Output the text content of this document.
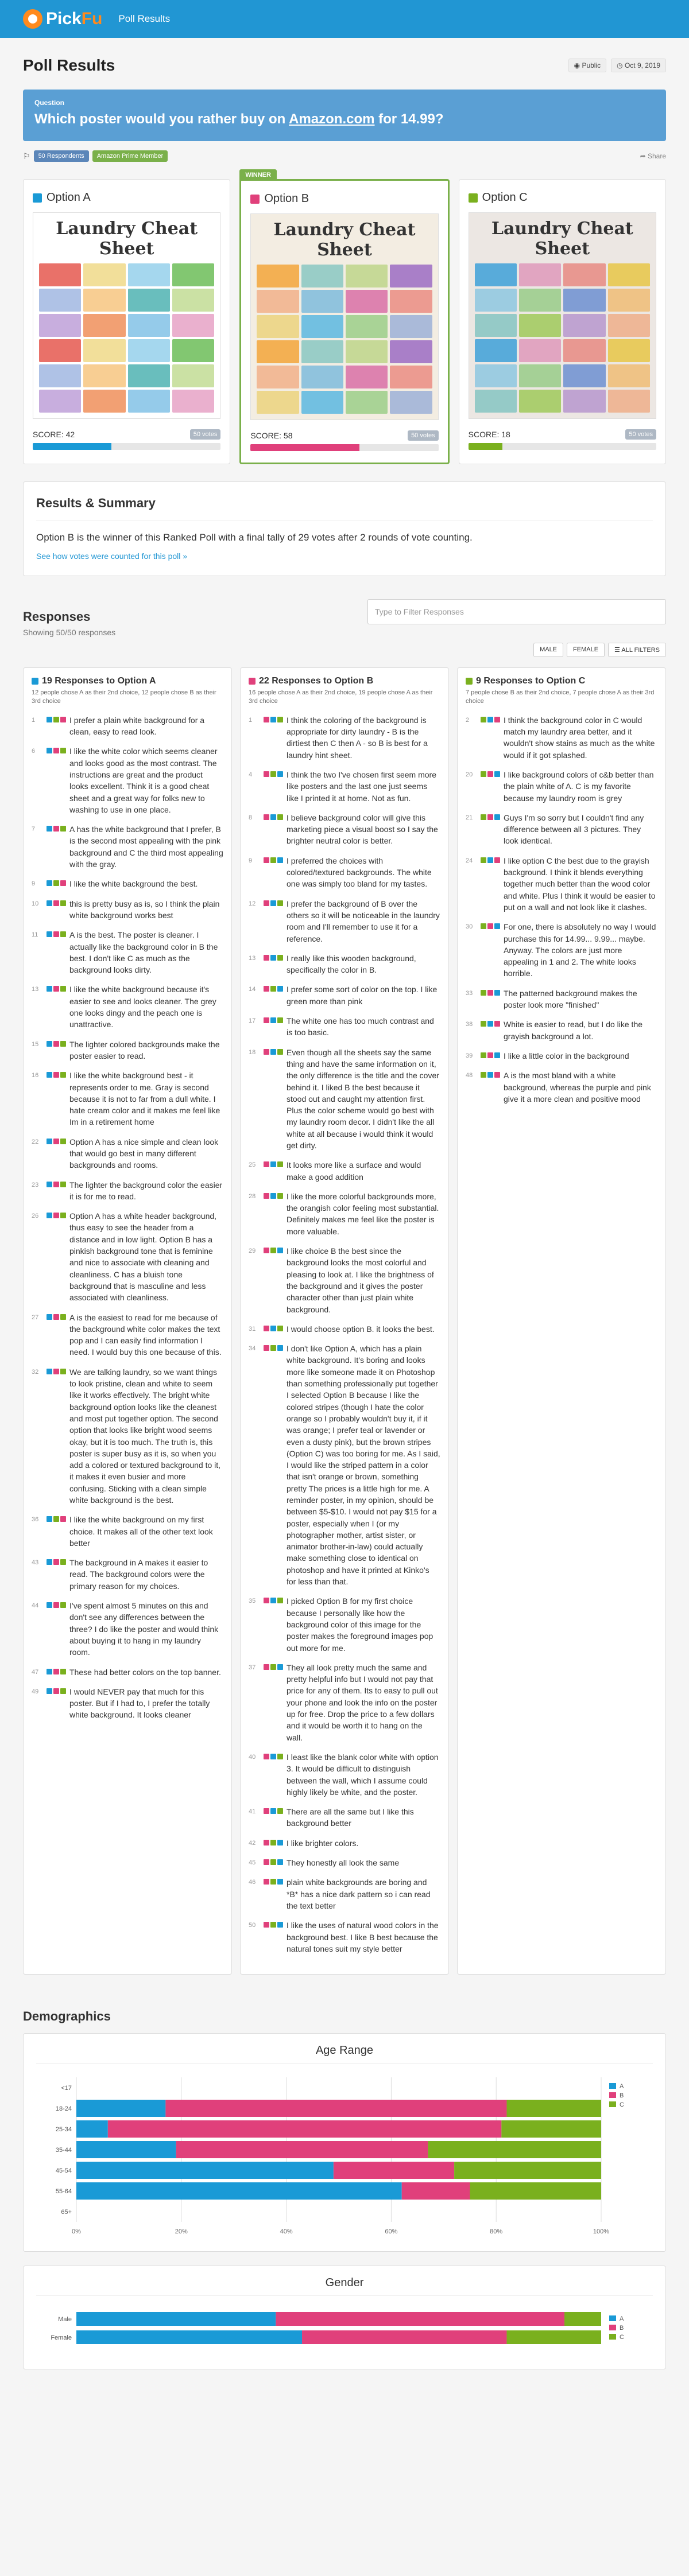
Pick Fu Poll Results
Poll Results	◉ Public	◷ Oct 9, 2019
Question
Which poster would you rather buy on Amazon.com for 14.99?
⚐	50 Respondents	Amazon Prime Member	➦ Share
Option A
Laundry Cheat Sheet
SCORE: 42	50 votes
WINNER
Option B
Laundry Cheat Sheet
SCORE: 58	50 votes
Option C
Laundry Cheat Sheet
SCORE: 18	50 votes
Results & Summary

Option B is the winner of this Ranked Poll with a final tally of 29 votes after 2 rounds of vote counting.

See how votes were counted for this poll »
Responses	Type to Filter Responses
Showing 50/50 responses
MALE	FEMALE	☰ ALL FILTERS
19 Responses to Option A
12 people chose A as their 2nd choice, 12 people chose B as their 3rd choice
1	I prefer a plain white background for a clean, easy to read look.
6	I like the white color which seems cleaner and looks good as the most contrast. The instructions are great and the product looks excellent. Think it is a good cheat sheet and a great way for folks new to washing to use in one place.
7	A has the white background that I prefer, B is the second most appealing with the pink background and C the third most appealing with the gray.
9	I like the white background the best.
10	this is pretty busy as is, so I think the plain white background works best
11	A is the best. The poster is cleaner. I actually like the background color in B the best. I don't like C as much as the background looks dirty.
13	I like the white background because it's easier to see and looks cleaner. The grey one looks dingy and the peach one is unattractive.
15	The lighter colored backgrounds make the poster easier to read.
16	I like the white background best - it represents order to me. Gray is second because it is not to far from a dull white. I hate cream color and it makes me feel like Im in a retirement home
22	Option A has a nice simple and clean look that would go best in many different backgrounds and rooms.
23	The lighter the background color the easier it is for me to read.
26	Option A has a white header background, thus easy to see the header from a distance and in low light. Option B has a pinkish background tone that is feminine and nice to associate with cleaning and cleanliness. C has a bluish tone background that is masculine and less associated with cleanliness.
27	A is the easiest to read for me because of the background white color makes the text pop and I can easily find information I need. I would buy this one because of this.
32	We are talking laundry, so we want things to look pristine, clean and white to seem like it works effectively. The bright white background option looks like the cleanest and most put together option. The second option that looks like bright wood seems okay, but it is too much. The truth is, this poster is super busy as it is, so when you add a colored or textured background to it, it makes it even busier and more confusing. Sticking with a clean simple white background is the best.
36	I like the white background on my first choice. It makes all of the other text look better
43	The background in A makes it easier to read. The background colors were the primary reason for my choices.
44	I've spent almost 5 minutes on this and don't see any differences between the three? I do like the poster and would think about buying it to hang in my laundry room.
47	These had better colors on the top banner.
49	I would NEVER pay that much for this poster. But if I had to, I prefer the totally white background. It looks cleaner
22 Responses to Option B
16 people chose A as their 2nd choice, 19 people chose A as their 3rd choice
1	I think the coloring of the background is appropriate for dirty laundry - B is the dirtiest then C then A - so B is best for a laundry hint sheet.
4	I think the two I've chosen first seem more like posters and the last one just seems like I printed it at home. Not as fun.
8	I believe background color will give this marketing piece a visual boost so I say the brighter neutral color is better.
9	I preferred the choices with colored/textured backgrounds. The white one was simply too bland for my tastes.
12	I prefer the background of B over the others so it will be noticeable in the laundry room and I'll remember to use it for a reference.
13	I really like this wooden background, specifically the color in B.
14	I prefer some sort of color on the top. I like green more than pink
17	The white one has too much contrast and is too basic.
18	Even though all the sheets say the same thing and have the same information on it, the only difference is the title and the cover behind it. I liked B the best because it stood out and caught my attention first. Plus the color scheme would go best with my laundry room decor. I didn't like the all white at all because i would think it would get dirty.
25	It looks more like a surface and would make a good addition
28	I like the more colorful backgrounds more, the orangish color feeling most substantial. Definitely makes me feel like the poster is more valuable.
29	I like choice B the best since the background looks the most colorful and pleasing to look at. I like the brightness of the background and it gives the poster character other than just plain white background.
31	I would choose option B. it looks the best.
34	I don't like Option A, which has a plain white background. It's boring and looks more like someone made it on Photoshop than something professionally put together I selected Option B because I like the colored stripes (though I hate the color orange so I probably wouldn't buy it, if it was orange; I prefer teal or lavender or even a dusty pink), but the brown stripes (Option C) was too boring for me. As I said, I would like the striped pattern in a color that isn't orange or brown, something pretty The prices is a little high for me. A reminder poster, in my opinion, should be between $5-$10. I would not pay $15 for a poster, especially when I (or my photographer mother, artist sister, or animator brother-in-law) could actually make something close to identical on photoshop and have it printed at Kinko's for less than that.
35	I picked Option B for my first choice because I personally like how the background color of this image for the poster makes the foreground images pop out more for me.
37	They all look pretty much the same and pretty helpful info but I would not pay that price for any of them. Its to easy to pull out your phone and look the info on the poster up for free. Drop the price to a few dollars and it would be worth it to hang on the wall.
40	I least like the blank color white with option 3. It would be difficult to distinguish between the wall, which I assume could highly likely be white, and the poster.
41	There are all the same but I like this background better
42	I like brighter colors.
45	They honestly all look the same
46	plain white backgrounds are boring and *B* has a nice dark pattern so i can read the text better
50	I like the uses of natural wood colors in the background best. I like B best because the natural tones suit my style better
9 Responses to Option C
7 people chose B as their 2nd choice, 7 people chose A as their 3rd choice
2	I think the background color in C would match my laundry area better, and it wouldn't show stains as much as the white would if it got splashed.
20	I like background colors of c&b better than the plain white of A. C is my favorite because my laundry room is grey
21	Guys I'm so sorry but I couldn't find any difference between all 3 pictures. They look identical.
24	I like option C the best due to the grayish background. I think it blends everything together much better than the wood color and white. Plus I think it would be easier to put on a wall and not look like it clashes.
30	For one, there is absolutely no way I would purchase this for 14.99... 9.99... maybe. Anyway. The colors are just more appealing in 1 and 2. The white looks horrible.
33	The patterned background makes the poster look more "finished"
38	White is easier to read, but I do like the grayish background a lot.
39	I like a little color in the background
48	A is the most bland with a white background, whereas the purple and pink give it a more clean and positive mood
Demographics
Age Range
0%	20%	40%	60%	80%	100%
<17
18-24
25-34
35-44
45-54
55-64
65+
A
B
C
Gender
Male
Female
A
B
C
